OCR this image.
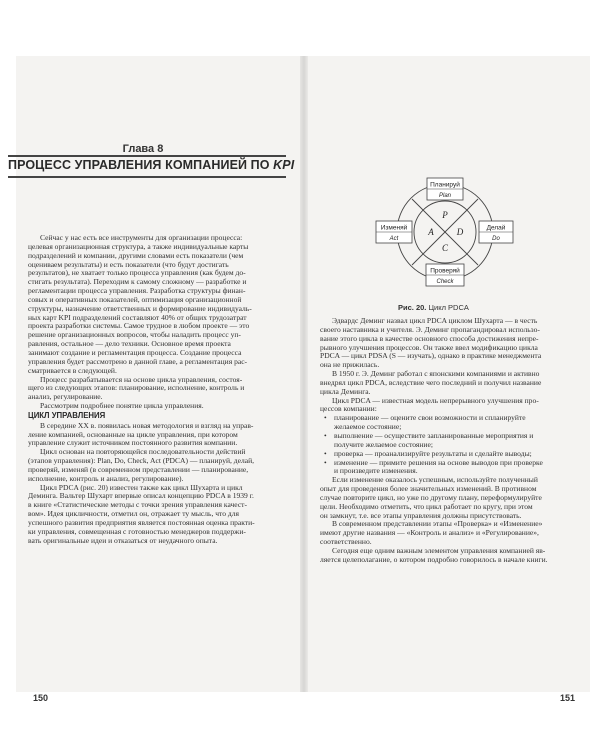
Глава 8
ПРОЦЕСС УПРАВЛЕНИЯ КОМПАНИЕЙ ПО KPI
Сейчас у нас есть все инструменты для организации процесса:
целевая организационная структура, а также индивидуальные карты
подразделений и компании, другими словами есть показатели (чем
оцениваем результаты) и есть показатели (что будут достигать
результатов), не хватает только процесса управления (как будем до-
стигать результата). Переходим к самому сложному — разработке и
регламентации процесса управления. Разработка структуры финан-
совых и оперативных показателей, оптимизация организационной
структуры, назначение ответственных и формирование индивидуаль-
ных карт KPI подразделений составляют 40% от общих трудозатрат
проекта разработки системы. Самое трудное в любом проекте — это
решение организационных вопросов, чтобы наладить процесс уп-
равления, остальное — дело техники. Основное время проекта
занимают создание и регламентация процесса. Создание процесса
управления будет рассмотрено в данной главе, а регламентация рас-
сматривается в следующей.
Процесс разрабатывается на основе цикла управления, состоя-
щего из следующих этапов: планирование, исполнение, контроль и
анализ, регулирование.
Рассмотрим подробнее понятие цикла управления.
ЦИКЛ УПРАВЛЕНИЯ
В середине XX в. появилась новая методология и взгляд на управ-
ление компанией, основанные на цикле управления, при котором
управление служит источником постоянного развития компании.
Цикл основан на повторяющейся последовательности действий
(этапов управления): Plan, Do, Check, Act (PDCA) — планируй, делай,
проверяй, изменяй (в современном представлении — планирование,
исполнение, контроль и анализ, регулирование).
Цикл PDCA (рис. 20) известен также как цикл Шухарта и цикл
Деминга. Вальтер Шухарт впервые описал концепцию PDCA в 1939 г.
в книге «Статистические методы с точки зрения управления качест-
вом». Идея цикличности, отметил он, отражает ту мысль, что для
успешного развития предприятия является постоянная оценка практи-
ки управления, совмещенная с готовностью менеджеров поддержи-
вать оригинальные идеи и отказаться от неудачного опыта.
150
Планируй
Plan
Делай
Do
Проверяй
Check
Изменяй
Act
P
D
C
A
Рис. 20. Цикл PDCA
Эдвардс Деминг назвал цикл PDCA циклом Шухарта — в честь
своего наставника и учителя. Э. Деминг пропагандировал использо-
вание этого цикла в качестве основного способа достижения непре-
рывного улучшения процессов. Он также ввел модификацию цикла
PDCA — цикл PDSA (S — изучать), однако в практике менеджмента
она не прижилась.
В 1950 г. Э. Деминг работал с японскими компаниями и активно
внедрял цикл PDCA, вследствие чего последний и получил название
цикла Деминга.
Цикл PDCA — известная модель непрерывного улучшения про-
цессов компании:
• планирование — оцените свои возможности и спланируйте
желаемое состояние;
• выполнение — осуществите запланированные мероприятия и
получите желаемое состояние;
• проверка — проанализируйте результаты и сделайте выводы;
• изменение — примите решения на основе выводов при проверке
и произведите изменения.
Если изменение оказалось успешным, используйте полученный
опыт для проведения более значительных изменений. В противном
случае повторите цикл, но уже по другому плану, переформулируйте
цели. Необходимо отметить, что цикл работает по кругу, при этом
он замкнут, т.е. все этапы управления должны присутствовать.
В современном представлении этапы «Проверка» и «Изменение»
имеют другие названия — «Контроль и анализ» и «Регулирование»,
соответственно.
Сегодня еще одним важным элементом управления компанией яв-
ляется целеполагание, о котором подробно говорилось в начале книги.
151
